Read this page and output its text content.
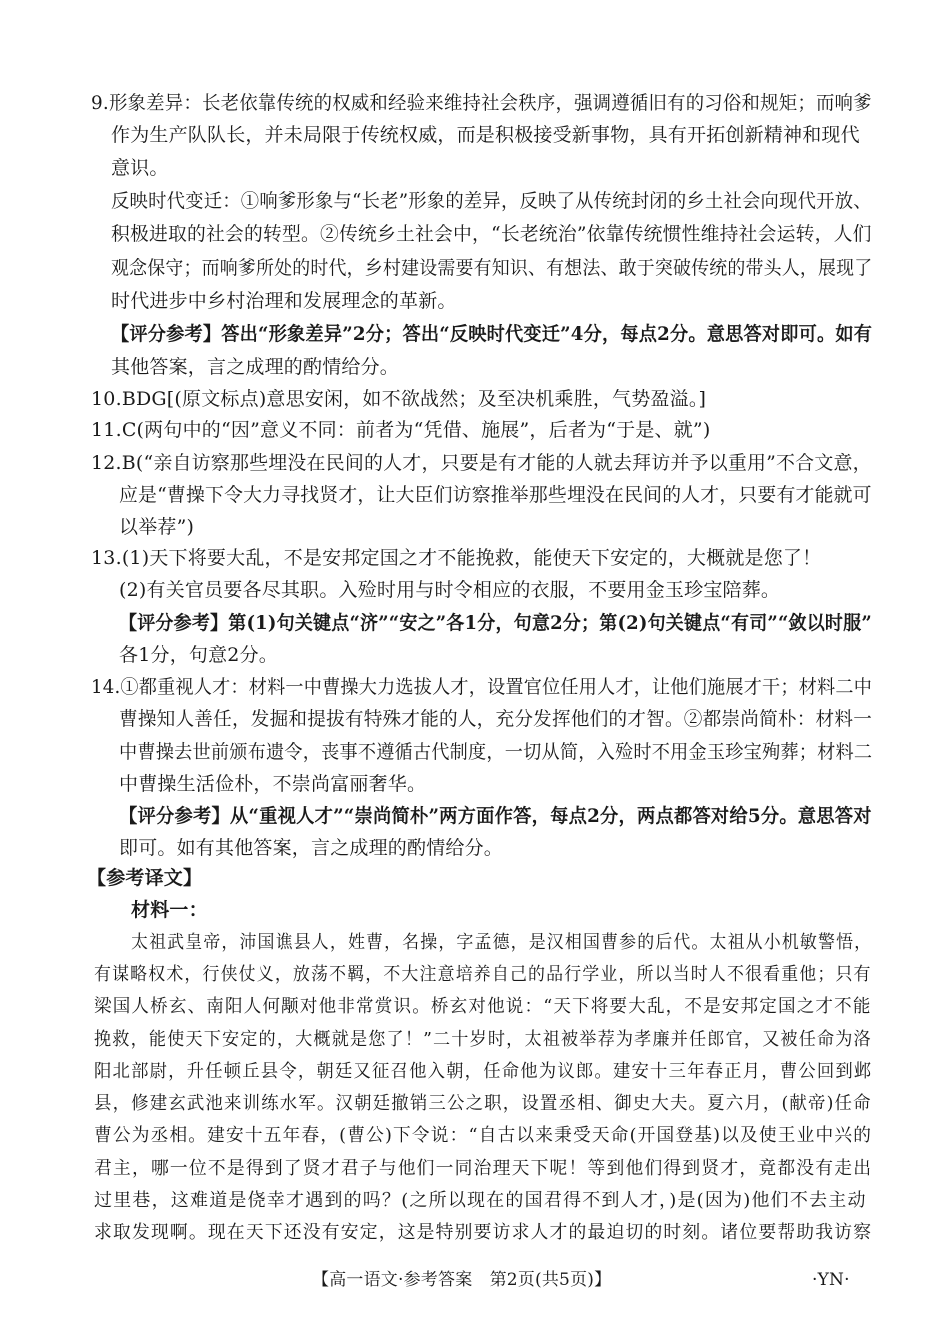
9.形象差异：长老依靠传统的权威和经验来维持社会秩序，强调遵循旧有的习俗和规矩；而响爹
作为生产队队长，并未局限于传统权威，而是积极接受新事物，具有开拓创新精神和现代
意识。
反映时代变迁：①响爹形象与“长老”形象的差异，反映了从传统封闭的乡土社会向现代开放、
积极进取的社会的转型。②传统乡土社会中，“长老统治”依靠传统惯性维持社会运转，人们
观念保守；而响爹所处的时代，乡村建设需要有知识、有想法、敢于突破传统的带头人，展现了
时代进步中乡村治理和发展理念的革新。
【评分参考】答出“形象差异”2分；答出“反映时代变迁”4分，每点2分。意思答对即可。如有
其他答案，言之成理的酌情给分。
10.BDG[(原文标点)意思安闲，如不欲战然；及至决机乘胜，气势盈溢。]
11.C(两句中的“因”意义不同：前者为“凭借、施展”，后者为“于是、就”)
12.B(“亲自访察那些埋没在民间的人才，只要是有才能的人就去拜访并予以重用”不合文意，
应是“曹操下令大力寻找贤才，让大臣们访察推举那些埋没在民间的人才，只要有才能就可
以举荐”)
13.(1)天下将要大乱，不是安邦定国之才不能挽救，能使天下安定的，大概就是您了！
(2)有关官员要各尽其职。入殓时用与时令相应的衣服，不要用金玉珍宝陪葬。
【评分参考】第(1)句关键点“济”“安之”各1分，句意2分；第(2)句关键点“有司”“敛以时服”
各1分，句意2分。
14.①都重视人才：材料一中曹操大力选拔人才，设置官位任用人才，让他们施展才干；材料二中
曹操知人善任，发掘和提拔有特殊才能的人，充分发挥他们的才智。②都崇尚简朴：材料一
中曹操去世前颁布遗令，丧事不遵循古代制度，一切从简，入殓时不用金玉珍宝殉葬；材料二
中曹操生活俭朴，不崇尚富丽奢华。
【评分参考】从“重视人才”“崇尚简朴”两方面作答，每点2分，两点都答对给5分。意思答对
即可。如有其他答案，言之成理的酌情给分。
【参考译文】
材料一：
太祖武皇帝，沛国谯县人，姓曹，名操，字孟德，是汉相国曹参的后代。太祖从小机敏警悟，
有谋略权术，行侠仗义，放荡不羁，不大注意培养自己的品行学业，所以当时人不很看重他；只有
梁国人桥玄、南阳人何颙对他非常赏识。桥玄对他说：“天下将要大乱，不是安邦定国之才不能
挽救，能使天下安定的，大概就是您了！”二十岁时，太祖被举荐为孝廉并任郎官，又被任命为洛
阳北部尉，升任顿丘县令，朝廷又征召他入朝，任命他为议郎。建安十三年春正月，曹公回到邺
县，修建玄武池来训练水军。汉朝廷撤销三公之职，设置丞相、御史大夫。夏六月，(献帝)任命
曹公为丞相。建安十五年春，(曹公)下令说：“自古以来秉受天命(开国登基)以及使王业中兴的
君主，哪一位不是得到了贤才君子与他们一同治理天下呢！等到他们得到贤才，竟都没有走出
过里巷，这难道是侥幸才遇到的吗？(之所以现在的国君得不到人才，)是(因为)他们不去主动
求取发现啊。现在天下还没有安定，这是特别要访求人才的最迫切的时刻。诸位要帮助我访察
【高一语文·参考答案　第2页(共5页)】	·YN·
